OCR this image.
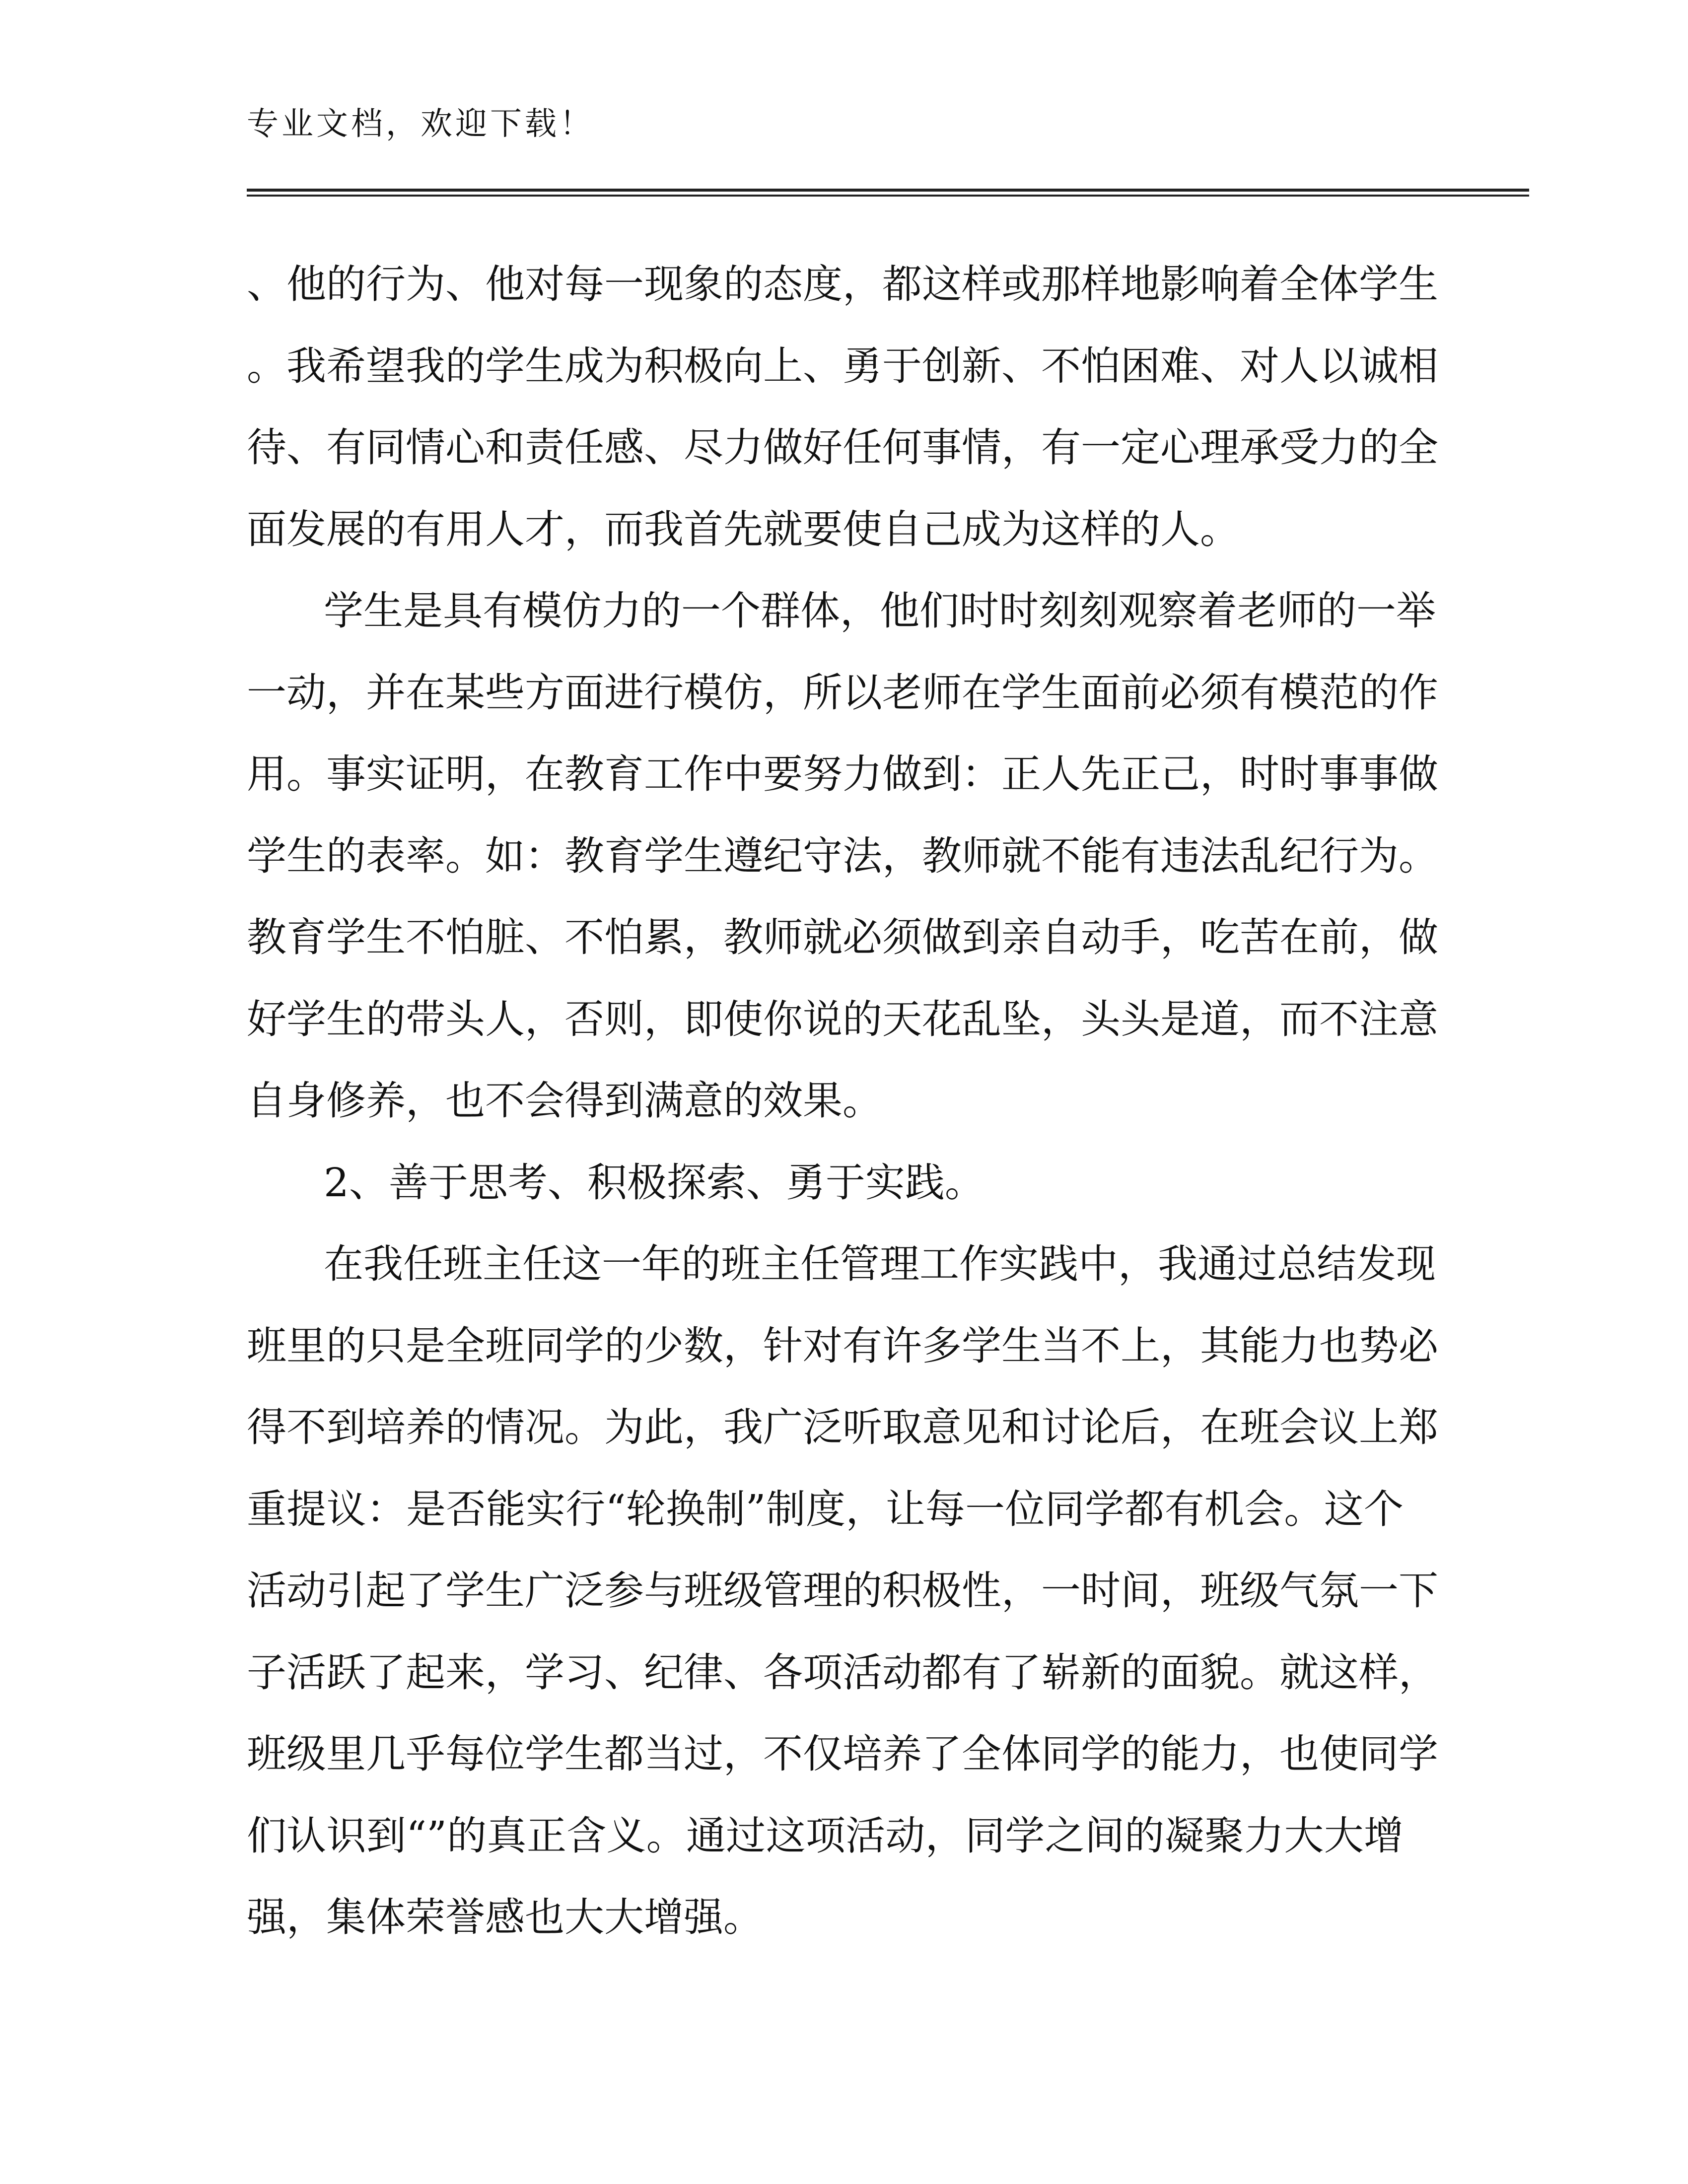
专业文档，欢迎下载！
、他的行为、他对每一现象的态度，都这样或那样地影响着全体学生
。我希望我的学生成为积极向上、勇于创新、不怕困难、对人以诚相
待、有同情心和责任感、尽力做好任何事情，有一定心理承受力的全
面发展的有用人才，而我首先就要使自己成为这样的人。
学生是具有模仿力的一个群体，他们时时刻刻观察着老师的一举
一动，并在某些方面进行模仿，所以老师在学生面前必须有模范的作
用。事实证明，在教育工作中要努力做到：正人先正己，时时事事做
学生的表率。如：教育学生遵纪守法，教师就不能有违法乱纪行为。
教育学生不怕脏、不怕累，教师就必须做到亲自动手，吃苦在前，做
好学生的带头人，否则，即使你说的天花乱坠，头头是道，而不注意
自身修养，也不会得到满意的效果。
2、善于思考、积极探索、勇于实践。
在我任班主任这一年的班主任管理工作实践中，我通过总结发现
班里的只是全班同学的少数，针对有许多学生当不上，其能力也势必
得不到培养的情况。为此，我广泛听取意见和讨论后，在班会议上郑
重提议：是否能实行“轮换制”制度，让每一位同学都有机会。这个
活动引起了学生广泛参与班级管理的积极性，一时间，班级气氛一下
子活跃了起来，学习、纪律、各项活动都有了崭新的面貌。就这样，
班级里几乎每位学生都当过，不仅培养了全体同学的能力，也使同学
们认识到“”的真正含义。通过这项活动，同学之间的凝聚力大大增
强，集体荣誉感也大大增强。
